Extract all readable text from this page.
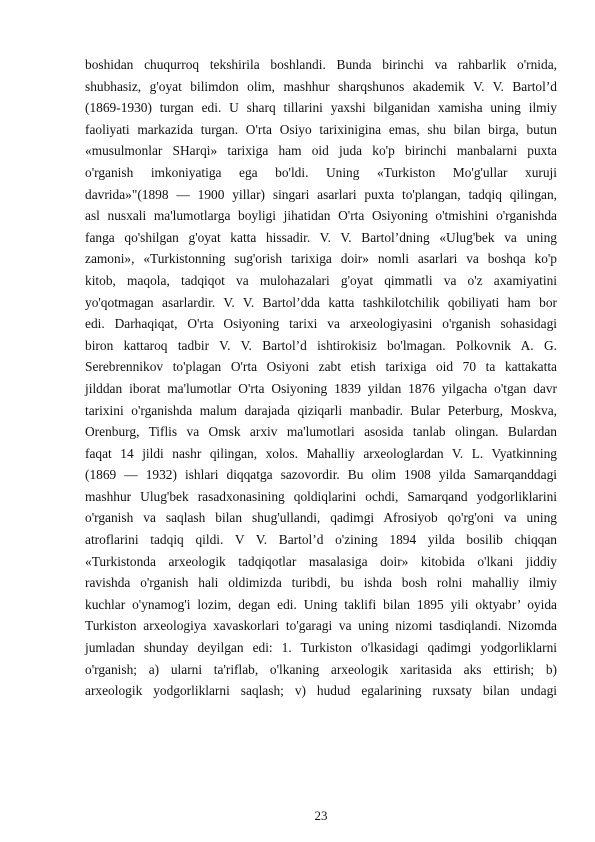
boshidan chuqurroq tekshirila boshlandi. Bunda birinchi va rahbarlik o'rnida,
shubhasiz, g'oyat bilimdon olim, mashhur sharqshunos akademik V. V. Bartol’d
(1869-1930) turgan edi. U sharq tillarini yaxshi bilganidan xamisha uning ilmiy
faoliyati markazida turgan. O'rta Osiyo tarixinigina emas, shu bilan birga, butun
«musulmonlar SHarqi» tarixiga ham oid juda ko'p birinchi manbalarni puxta
o'rganish imkoniyatiga ega bo'ldi. Uning «Turkiston Mo'g'ullar xuruji
davrida»"(1898 — 1900 yillar) singari asarlari puxta to'plangan, tadqiq qilingan,
asl nusxali ma'lumotlarga boyligi jihatidan O'rta Osiyoning o'tmishini o'rganishda
fanga qo'shilgan g'oyat katta hissadir. V. V. Bartol’dning «Ulug'bek va uning
zamoni», «Turkistonning sug'orish tarixiga doir» nomli asarlari va boshqa ko'p
kitob, maqola, tadqiqot va mulohazalari g'oyat qimmatli va o'z axamiyatini
yo'qotmagan asarlardir. V. V. Bartol’dda katta tashkilotchilik qobiliyati ham bor
edi. Darhaqiqat, O'rta Osiyoning tarixi va arxeologiyasini o'rganish sohasidagi
biron kattaroq tadbir V. V. Bartol’d ishtirokisiz bo'lmagan. Polkovnik A. G.
Serebrennikov to'plagan O'rta Osiyoni zabt etish tarixiga oid 70 ta kattakatta
jilddan iborat ma'lumotlar O'rta Osiyoning 1839 yildan 1876 yilgacha o'tgan davr
tarixini o'rganishda malum darajada qiziqarli manbadir. Bular Peterburg, Moskva,
Orenburg, Tiflis va Omsk arxiv ma'lumotlari asosida tanlab olingan. Bulardan
faqat 14 jildi nashr qilingan, xolos. Mahalliy arxeologlardan V. L. Vyatkinning
(1869 — 1932) ishlari diqqatga sazovordir. Bu olim 1908 yilda Samarqanddagi
mashhur Ulug'bek rasadxonasining qoldiqlarini ochdi, Samarqand yodgorliklarini
o'rganish va saqlash bilan shug'ullandi, qadimgi Afrosiyob qo'rg'oni va uning
atroflarini tadqiq qildi. V V. Bartol’d o'zining 1894 yilda bosilib chiqqan
«Turkistonda arxeologik tadqiqotlar masalasiga doir» kitobida o'lkani jiddiy
ravishda o'rganish hali oldimizda turibdi, bu ishda bosh rolni mahalliy ilmiy
kuchlar o'ynamog'i lozim, degan edi. Uning taklifi bilan 1895 yili oktyabr’ oyida
Turkiston arxeologiya xavaskorlari to'garagi va uning nizomi tasdiqlandi. Nizomda
jumladan shunday deyilgan edi: 1. Turkiston o'lkasidagi qadimgi yodgorliklarni
o'rganish; a) ularni ta'riflab, o'lkaning arxeologik xaritasida aks ettirish; b)
arxeologik yodgorliklarni saqlash; v) hudud egalarining ruxsaty bilan undagi
23
